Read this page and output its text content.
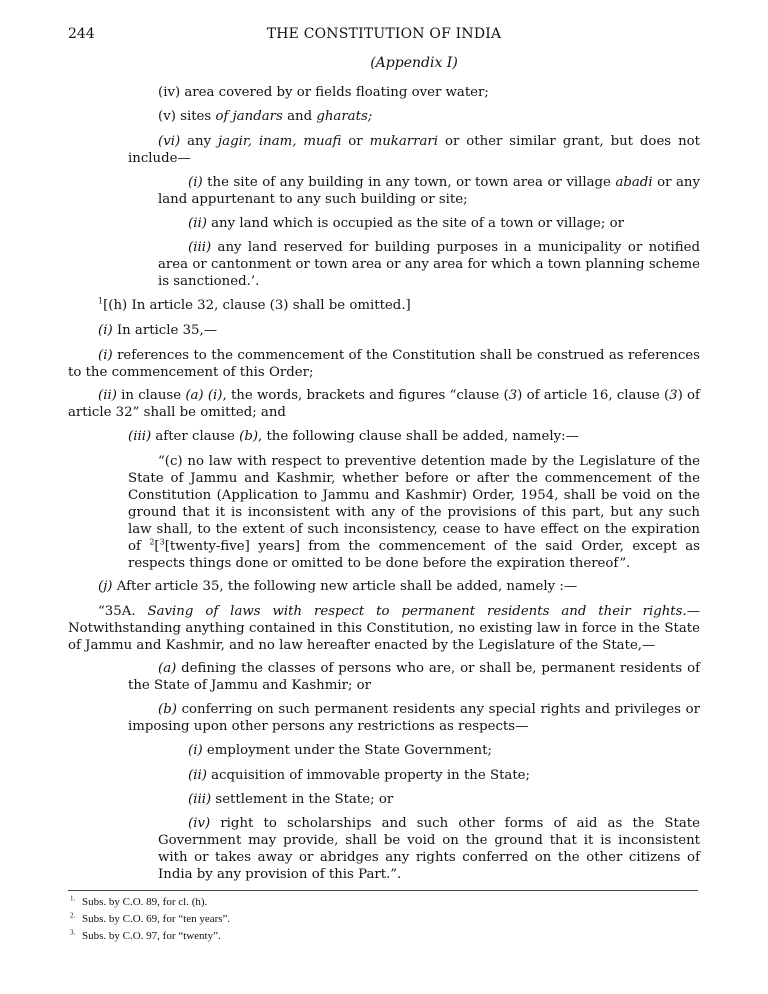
244	THE CONSTITUTION OF INDIA
(Appendix I)

(iv) area covered by or fields floating over water;

(v) sites of jandars and gharats;

(vi) any jagir, inam, muafi or mukarrari or other similar grant, but does not include—

(i) the site of any building in any town, or town area or village abadi or any land appurtenant to any such building or site;

(ii) any land which is occupied as the site of a town or village; or

(iii) any land reserved for building purposes in a municipality or notified area or cantonment or town area or any area for which a town planning scheme is sanctioned.’.

$^1$[(h) In article 32, clause (3) shall be omitted.]

(i) In article 35,—

(i) references to the commencement of the Constitution shall be construed as references to the commencement of this Order;

(ii) in clause (a) (i), the words, brackets and figures “clause (3) of article 16, clause (3) of article 32” shall be omitted; and

(iii) after clause (b), the following clause shall be added, namely:—

“(c) no law with respect to preventive detention made by the Legislature of the State of Jammu and Kashmir, whether before or after the commencement of the Constitution (Application to Jammu and Kashmir) Order, 1954, shall be void on the ground that it is inconsistent with any of the provisions of this part, but any such law shall, to the extent of such inconsistency, cease to have effect on the expiration of $^2$[$^3$[twenty-five] years] from the commencement of the said Order, except as respects things done or omitted to be done before the expiration thereof”.

(j) After article 35, the following new article shall be added, namely :—

“35A. Saving of laws with respect to permanent residents and their rights.—Notwithstanding anything contained in this Constitution, no existing law in force in the State of Jammu and Kashmir, and no law hereafter enacted by the Legislature of the State,—

(a) defining the classes of persons who are, or shall be, permanent residents of the State of Jammu and Kashmir; or

(b) conferring on such permanent residents any special rights and privileges or imposing upon other persons any restrictions as respects—

(i) employment under the State Government;

(ii) acquisition of immovable property in the State;

(iii) settlement in the State; or

(iv) right to scholarships and such other forms of aid as the State Government may provide, shall be void on the ground that it is inconsistent with or takes away or abridges any rights conferred on the other citizens of India by any provision of this Part.”.

$^{1.}$ Subs. by C.O. 89, for cl. (h).
$^{2.}$ Subs. by C.O. 69, for “ten years”.
$^{3.}$ Subs. by C.O. 97, for “twenty”.
